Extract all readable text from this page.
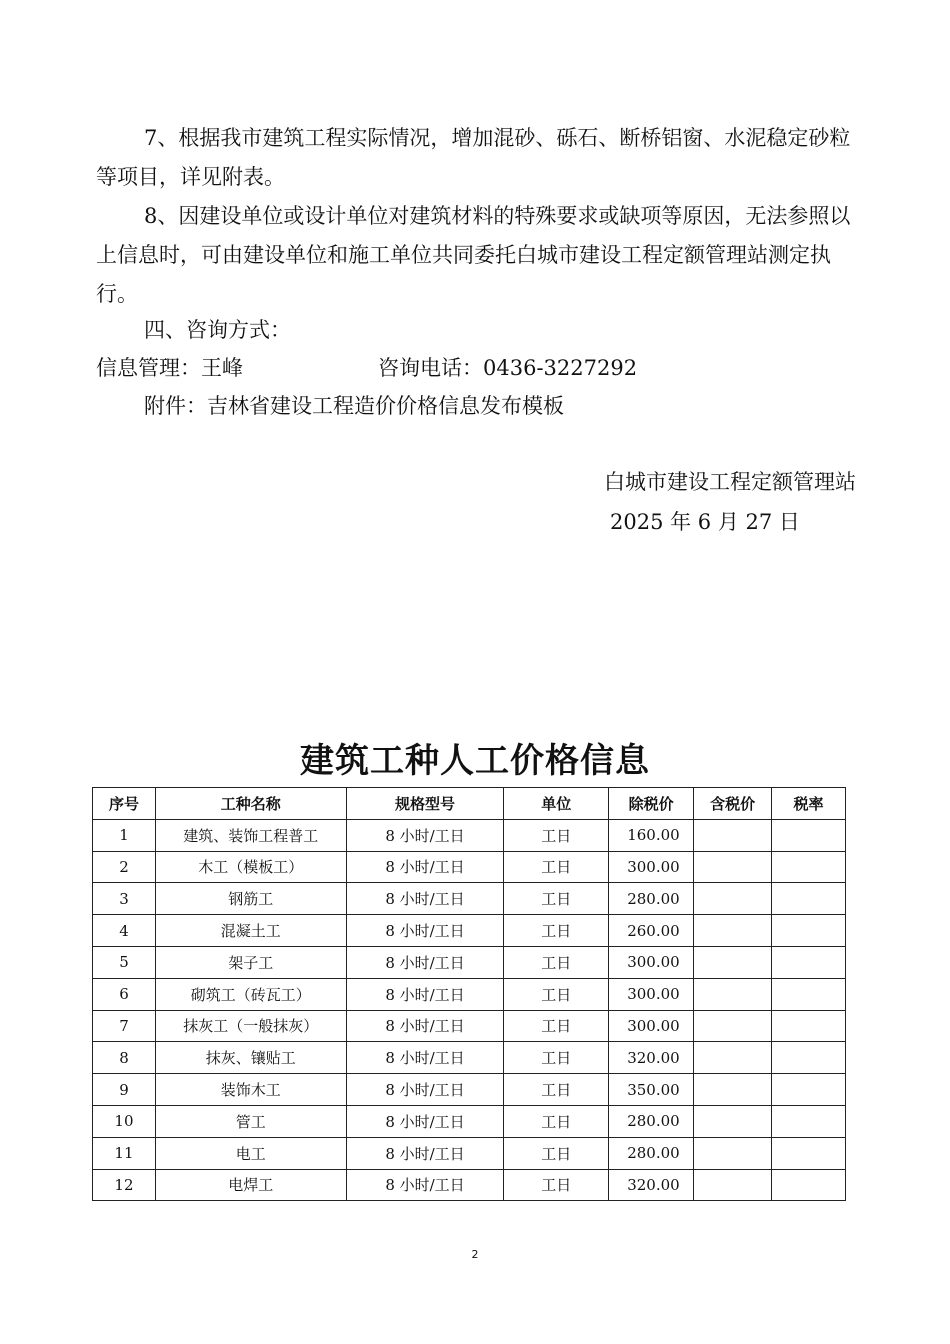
7、根据我市建筑工程实际情况，增加混砂、砾石、断桥铝窗、水泥稳定砂粒等项目，详见附表。
8、因建设单位或设计单位对建筑材料的特殊要求或缺项等原因，无法参照以上信息时，可由建设单位和施工单位共同委托白城市建设工程定额管理站测定执行。
四、咨询方式：
信息管理：王峰	咨询电话：0436-3227292
附件：吉林省建设工程造价价格信息发布模板
白城市建设工程定额管理站
2025 年 6 月 27 日
建筑工种人工价格信息
序号	工种名称	规格型号	单位	除税价	含税价	税率
1	建筑、装饰工程普工	8 小时/工日	工日	160.00		
2	木工（模板工）	8 小时/工日	工日	300.00		
3	钢筋工	8 小时/工日	工日	280.00		
4	混凝土工	8 小时/工日	工日	260.00		
5	架子工	8 小时/工日	工日	300.00		
6	砌筑工（砖瓦工）	8 小时/工日	工日	300.00		
7	抹灰工（一般抹灰）	8 小时/工日	工日	300.00		
8	抹灰、镶贴工	8 小时/工日	工日	320.00		
9	装饰木工	8 小时/工日	工日	350.00		
10	管工	8 小时/工日	工日	280.00		
11	电工	8 小时/工日	工日	280.00		
12	电焊工	8 小时/工日	工日	320.00		
2
